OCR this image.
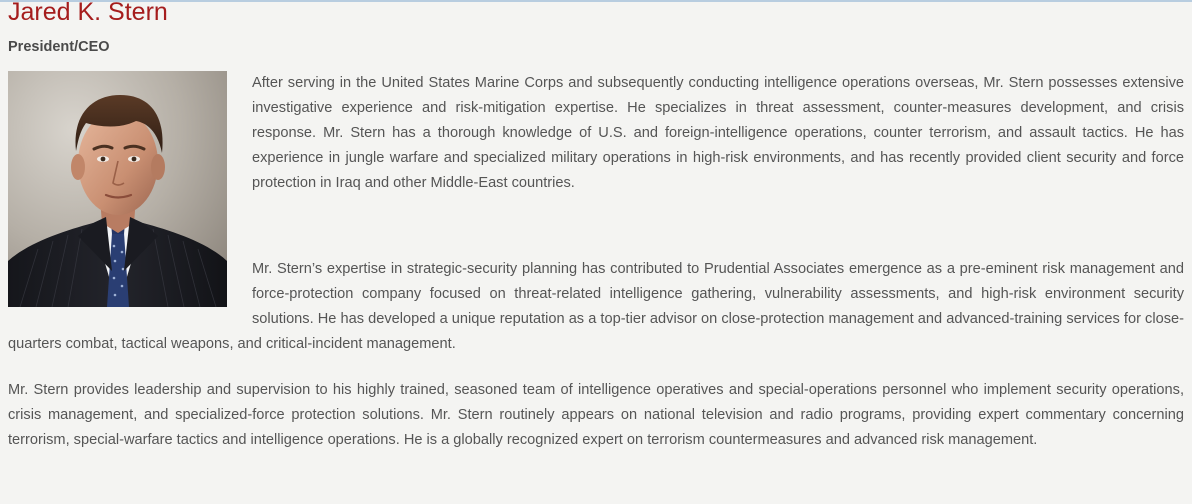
Jared K. Stern
President/CEO

After serving in the United States Marine Corps and subsequently conducting intelligence operations overseas, Mr. Stern possesses extensive investigative experience and risk-mitigation expertise. He specializes in threat assessment, counter-measures development, and crisis response. Mr. Stern has a thorough knowledge of U.S. and foreign-intelligence operations, counter terrorism, and assault tactics. He has experience in jungle warfare and specialized military operations in high-risk environments, and has recently provided client security and force protection in Iraq and other Middle-East countries.

Mr. Stern’s expertise in strategic-security planning has contributed to Prudential Associates emergence as a pre-eminent risk management and force-protection company focused on threat-related intelligence gathering, vulnerability assessments, and high-risk environment security solutions. He has developed a unique reputation as a top-tier advisor on close-protection management and advanced-training services for close-quarters combat, tactical weapons, and critical-incident management.

Mr. Stern provides leadership and supervision to his highly trained, seasoned team of intelligence operatives and special-operations personnel who implement security operations, crisis management, and specialized-force protection solutions. Mr. Stern routinely appears on national television and radio programs, providing expert commentary concerning terrorism, special-warfare tactics and intelligence operations. He is a globally recognized expert on terrorism countermeasures and advanced risk management.
